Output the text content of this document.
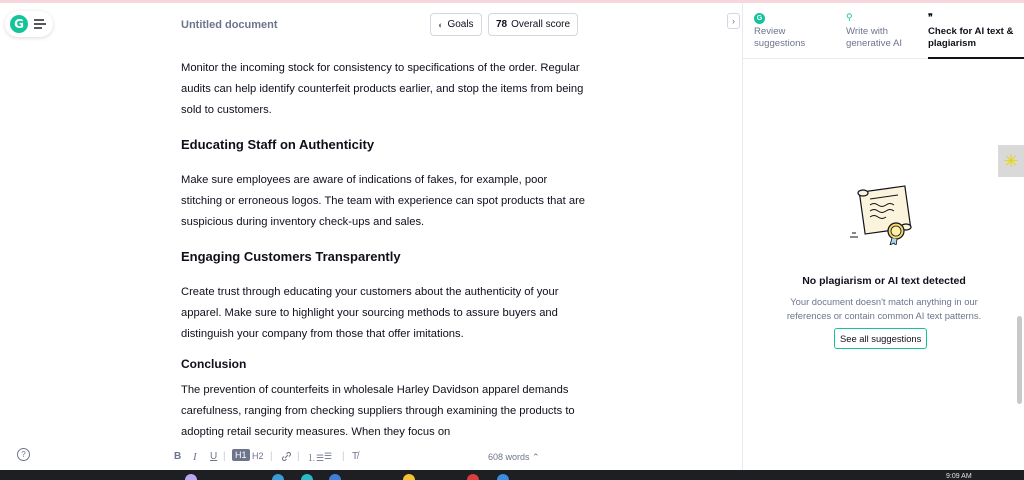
G	Untitled document	◐ Goals 78 Overall score
Monitor the incoming stock for consistency to specifications of the order. Regular audits can help identify counterfeit products earlier, and stop the items from being sold to customers.
Educating Staff on Authenticity
Make sure employees are aware of indications of fakes, for example, poor stitching or erroneous logos. The team with experience can spot products that are suspicious during inventory check-ups and sales.
Engaging Customers Transparently
Create trust through educating your customers about the authenticity of your apparel. Make sure to highlight your sourcing methods to assure buyers and distinguish your company from those that offer imitations.
Conclusion
The prevention of counterfeits in wholesale Harley Davidson apparel demands carefulness, ranging from checking suppliers through examining the products to adopting retail security measures. When they focus on
?	B I U |	H1 H2 | | ⒈☰ ☰ | T̸	608 words ⌃
›	G
Review suggestions
⚲
Write with generative AI
❞
Check for AI text & plagiarism
No plagiarism or AI text detected
Your document doesn't match anything in our references or contain common AI text patterns.
See all suggestions
✳
9:09 AM
